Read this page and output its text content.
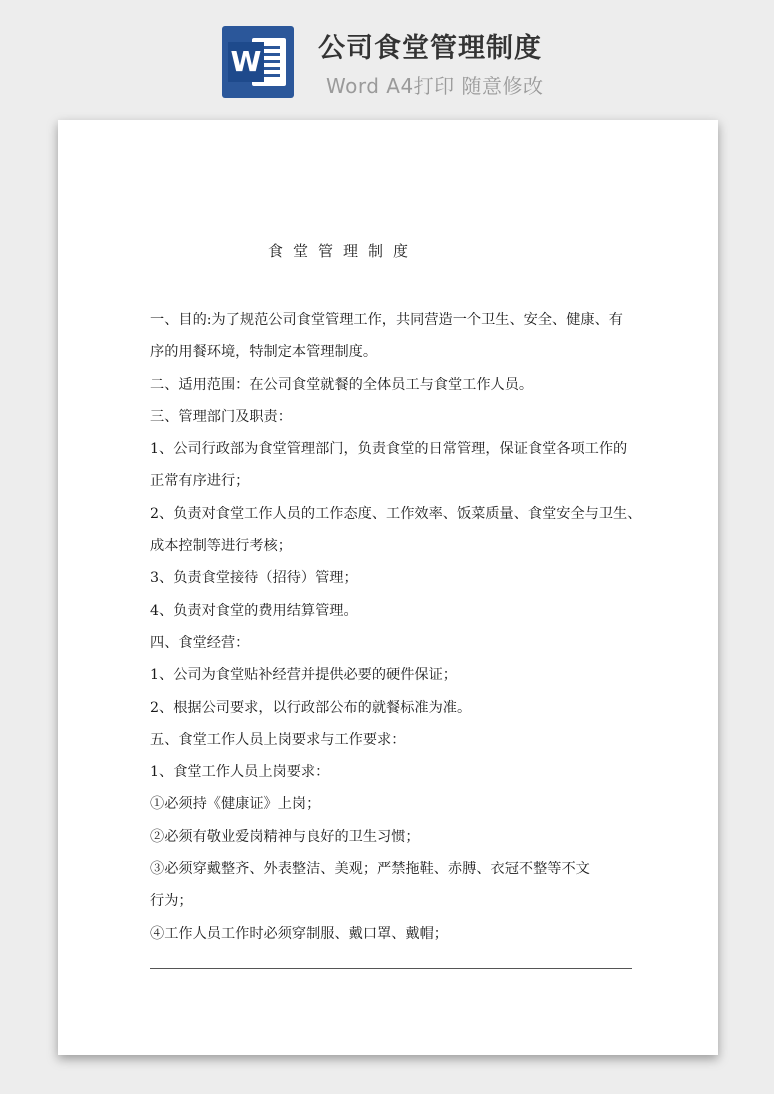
W 公司食堂管理制度
Word A4打印 随意修改
食堂管理制度
一、目的:为了规范公司食堂管理工作，共同营造一个卫生、安全、健康、有
序的用餐环境，特制定本管理制度。
二、适用范围：在公司食堂就餐的全体员工与食堂工作人员。
三、管理部门及职责：
1、公司行政部为食堂管理部门，负责食堂的日常管理，保证食堂各项工作的
正常有序进行；
2、负责对食堂工作人员的工作态度、工作效率、饭菜质量、食堂安全与卫生、
成本控制等进行考核；
3、负责食堂接待（招待）管理；
4、负责对食堂的费用结算管理。
四、食堂经营：
1、公司为食堂贴补经营并提供必要的硬件保证；
2、根据公司要求，以行政部公布的就餐标准为准。
五、食堂工作人员上岗要求与工作要求：
1、食堂工作人员上岗要求：
①必须持《健康证》上岗；
②必须有敬业爱岗精神与良好的卫生习惯；
③必须穿戴整齐、外表整洁、美观；严禁拖鞋、赤膊、衣冠不整等不文
行为；
④工作人员工作时必须穿制服、戴口罩、戴帽；
